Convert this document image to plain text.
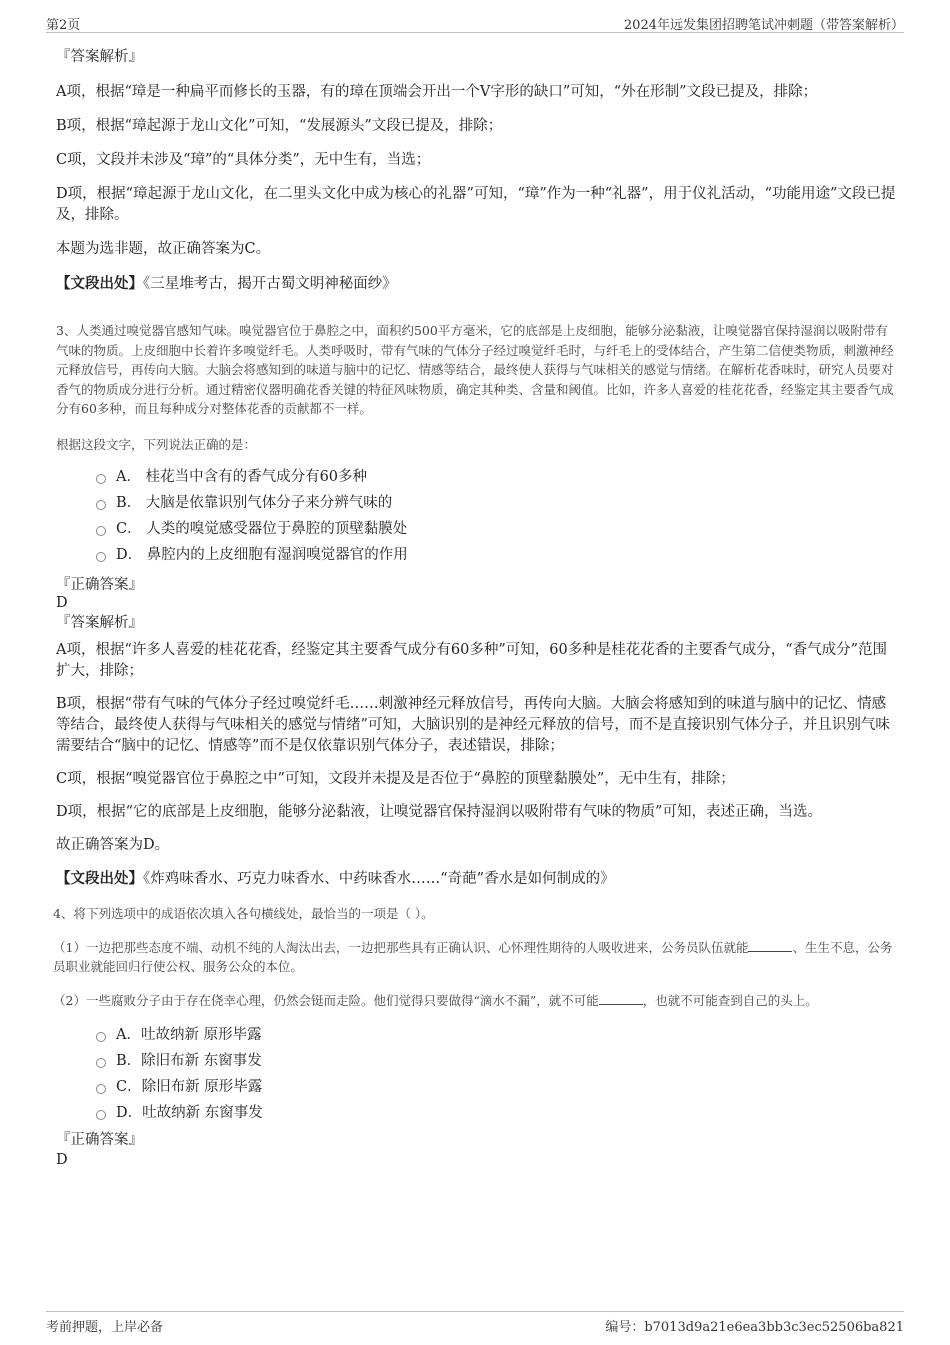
第2页	2024年远发集团招聘笔试冲刺题（带答案解析）

『答案解析』

A项，根据“璋是一种扁平而修长的玉器，有的璋在顶端会开出一个V字形的缺口”可知，“外在形制”文段已提及，排除；

B项，根据“璋起源于龙山文化”可知，“发展源头”文段已提及，排除；

C项，文段并未涉及“璋”的“具体分类”，无中生有，当选；

D项，根据“璋起源于龙山文化，在二里头文化中成为核心的礼器”可知，“璋”作为一种“礼器”，用于仪礼活动，“功能用途”文段已提及，排除。

本题为选非题，故正确答案为C。

【文段出处】《三星堆考古，揭开古蜀文明神秘面纱》

3、人类通过嗅觉器官感知气味。嗅觉器官位于鼻腔之中，面积约500平方毫米，它的底部是上皮细胞，能够分泌黏液，让嗅觉器官保持湿润以吸附带有气味的物质。上皮细胞中长着许多嗅觉纤毛。人类呼吸时，带有气味的气体分子经过嗅觉纤毛时，与纤毛上的受体结合，产生第二信使类物质，刺激神经元释放信号，再传向大脑。大脑会将感知到的味道与脑中的记忆、情感等结合，最终使人获得与气味相关的感觉与情绪。在解析花香味时，研究人员要对香气的物质成分进行分析。通过精密仪器明确花香关键的特征风味物质，确定其种类、含量和阈值。比如，许多人喜爱的桂花花香，经鉴定其主要香气成分有60多种，而且每种成分对整体花香的贡献都不一样。

根据这段文字，下列说法正确的是：

A． 桂花当中含有的香气成分有60多种
B． 大脑是依靠识别气体分子来分辨气味的
C． 人类的嗅觉感受器位于鼻腔的顶壁黏膜处
D． 鼻腔内的上皮细胞有湿润嗅觉器官的作用

『正确答案』

D

『答案解析』

A项，根据“许多人喜爱的桂花花香，经鉴定其主要香气成分有60多种”可知，60多种是桂花花香的主要香气成分，“香气成分”范围扩大，排除；

B项，根据“带有气味的气体分子经过嗅觉纤毛……刺激神经元释放信号，再传向大脑。大脑会将感知到的味道与脑中的记忆、情感等结合，最终使人获得与气味相关的感觉与情绪”可知，大脑识别的是神经元释放的信号，而不是直接识别气体分子，并且识别气味需要结合“脑中的记忆、情感等”而不是仅依靠识别气体分子，表述错误，排除；

C项，根据“嗅觉器官位于鼻腔之中”可知，文段并未提及是否位于“鼻腔的顶壁黏膜处”，无中生有，排除；

D项，根据“它的底部是上皮细胞，能够分泌黏液，让嗅觉器官保持湿润以吸附带有气味的物质”可知，表述正确，当选。

故正确答案为D。

【文段出处】《炸鸡味香水、巧克力味香水、中药味香水……“奇葩”香水是如何制成的》

4、将下列选项中的成语依次填入各句横线处，最恰当的一项是（ ）。

（1）一边把那些态度不端、动机不纯的人淘汰出去，一边把那些具有正确认识、心怀理性期待的人吸收进来，公务员队伍就能	、生生不息，公务员职业就能回归行使公权、服务公众的本位。

（2）一些腐败分子由于存在侥幸心理，仍然会铤而走险。他们觉得只要做得“滴水不漏”，就不可能	，也就不可能查到自己的头上。

A．吐故纳新 原形毕露
B．除旧布新 东窗事发
C．除旧布新 原形毕露
D．吐故纳新 东窗事发

『正确答案』

D

考前押题，上岸必备	编号：b7013d9a21e6ea3bb3c3ec52506ba821
